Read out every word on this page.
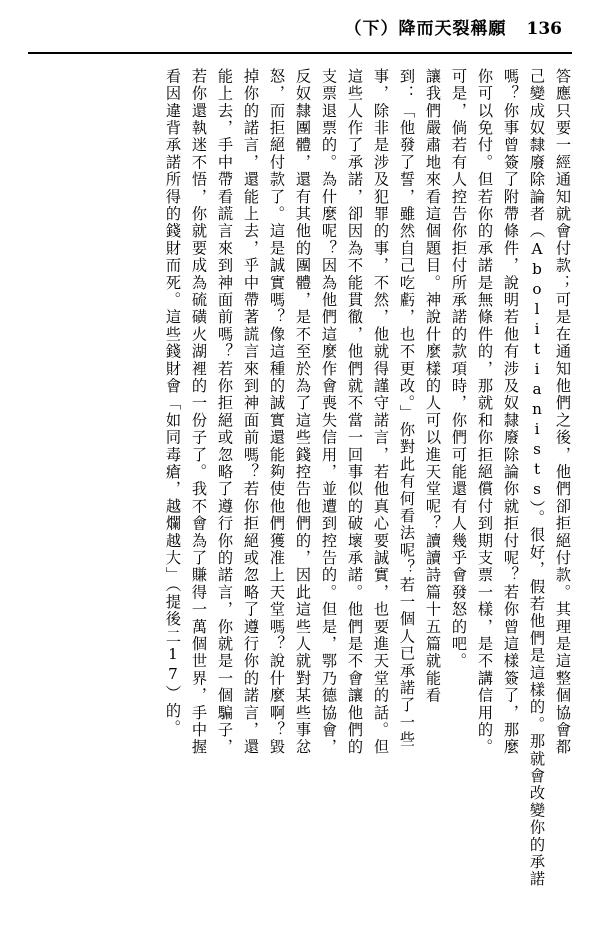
（下）降而天裂稱願 136
答應只要一經通知就會付款；可是在通知他們之後，他們卻拒絕付款。其理是這整個協會都
己變成奴隸廢除論者（Abolitianists）。很好，假若他們是這樣的。那就會改變你的承諾
嗎？你事曾簽了附帶條件，說明若他有涉及奴隸廢除論你就拒付呢？若你曾這樣簽了，那麼
你可以免付。但若你的承諾是無條件的，那就和你拒絕償付到期支票一樣，是不講信用的。
可是，倘若有人控告你拒付所承諾的款項時，你們可能還有人幾乎會發怒的吧。
讓我們嚴肅地來看這個題目。神說什麼樣的人可以進天堂呢？讀讀詩篇十五篇就能看
到：「他發了誓，雖然自己吃虧，也不更改。」你對此有何看法呢？若一個人已承諾了一些
事，除非是涉及犯罪的事，不然，他就得謹守諾言，若他真心要誠實，也要進天堂的話。但
這些人作了承諾，卻因為不能貫徹，他們就不當一回事似的破壞承諾。他們是不會讓他們的
支票退票的。為什麼呢？因為他們這麼作會喪失信用，並遭到控告的。但是，鄂乃德協會，
反奴隸團體，還有其他的團體，是不至於為了這些錢控告他們的，因此這些人就對某些事忿
怒，而拒絕付款了。這是誠實嗎？像這種的誠實還能夠使他們獲准上天堂嗎？說什麼啊？毀
掉你的諾言，還能上去，乎中帶著謊言來到神面前嗎？若你拒絕或忽略了遵行你的諾言，還
能上去，手中帶看謊言來到神面前嗎？若你拒絕或忽略了遵行你的諾言，你就是一個騙子，
若你還執迷不悟，你就要成為硫磺火湖裡的一份子了。我不會為了賺得一萬個世界，手中握
看因違背承諾所得的錢財而死。這些錢財會「如同毒瘡，越爛越大」（提後二17）的。
